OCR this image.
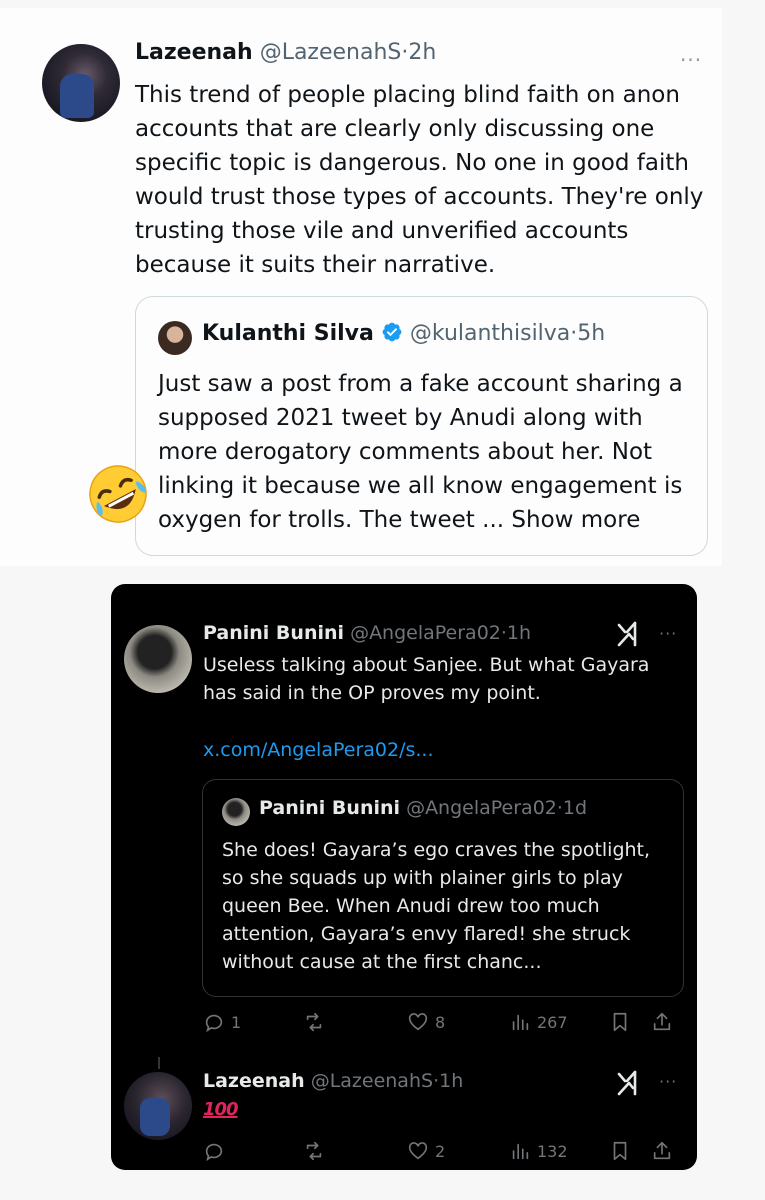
Lazeenah @LazeenahS·2h	···
This trend of people placing blind faith on anon accounts that are clearly only discussing one specific topic is dangerous. No one in good faith would trust those types of accounts. They're only trusting those vile and unverified accounts because it suits their narrative.
Kulanthi Silva @kulanthisilva·5h
Just saw a post from a fake account sharing a supposed 2021 tweet by Anudi along with more derogatory comments about her. Not linking it because we all know engagement is oxygen for trolls. The tweet ... Show more
Panini Bunini @AngelaPera02·1h	···
Useless talking about Sanjee. But what Gayara has said in the OP proves my point.
x.com/AngelaPera02/s...
Panini Bunini @AngelaPera02·1d
She does! Gayara’s ego craves the spotlight, so she squads up with plainer girls to play queen Bee. When Anudi drew too much attention, Gayara’s envy flared! she struck without cause at the first chanc...
1	8	267
Lazeenah @LazeenahS·1h	···
100
2	132
